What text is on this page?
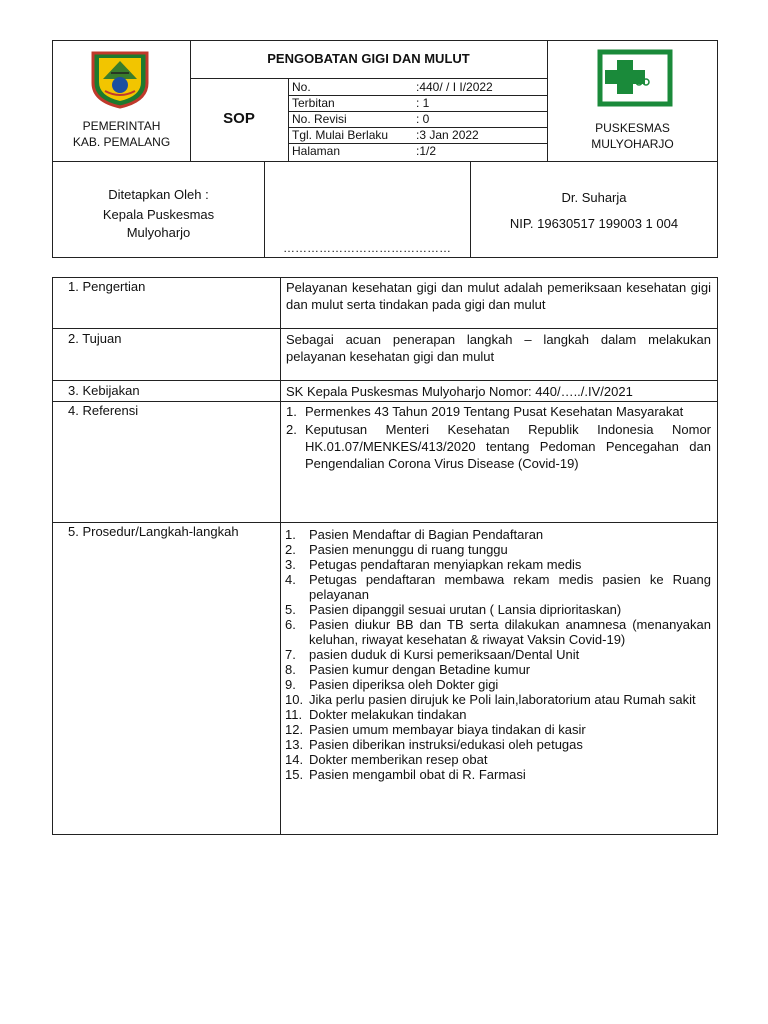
PEMERINTAH
KAB. PEMALANG
PENGOBATAN GIGI DAN MULUT
SOP
No.	:440/ / I I/2022
Terbitan	: 1
No. Revisi	: 0
Tgl. Mulai Berlaku :3 Jan 2022
Halaman	:1/2
PUSKESMAS
MULYOHARJO
Ditetapkan Oleh :
Kepala Puskesmas
Mulyoharjo
……………………………………
Dr. Suharja
NIP. 19630517 199003 1 004
1. Pengertian	Pelayanan kesehatan gigi dan mulut adalah pemeriksaan kesehatan gigi dan mulut serta tindakan pada gigi dan mulut
2. Tujuan	Sebagai acuan penerapan langkah – langkah dalam melakukan pelayanan kesehatan gigi dan mulut
3. Kebijakan	SK Kepala Puskesmas Mulyoharjo Nomor: 440/…../.IV/2021
4. Referensi	1. Permenkes 43 Tahun 2019 Tentang Pusat Kesehatan Masyarakat
2. Keputusan Menteri Kesehatan Republik Indonesia Nomor HK.01.07/MENKES/413/2020 tentang Pedoman Pencegahan dan Pengendalian Corona Virus Disease (Covid-19)
5. Prosedur/Langkah-langkah	1. Pasien Mendaftar di Bagian Pendaftaran
2. Pasien menunggu di ruang tunggu
3. Petugas pendaftaran menyiapkan rekam medis
4. Petugas pendaftaran membawa rekam medis pasien ke Ruang pelayanan
5. Pasien dipanggil sesuai urutan ( Lansia diprioritaskan)
6. Pasien diukur BB dan TB serta dilakukan anamnesa (menanyakan keluhan, riwayat kesehatan & riwayat Vaksin Covid-19)
7. pasien duduk di Kursi pemeriksaan/Dental Unit
8. Pasien kumur dengan Betadine kumur
9. Pasien diperiksa oleh Dokter gigi
10. Jika perlu pasien dirujuk ke Poli lain,laboratorium atau Rumah sakit
11. Dokter melakukan tindakan
12. Pasien umum membayar biaya tindakan di kasir
13. Pasien diberikan instruksi/edukasi oleh petugas
14. Dokter memberikan resep obat
15. Pasien mengambil obat di R. Farmasi
